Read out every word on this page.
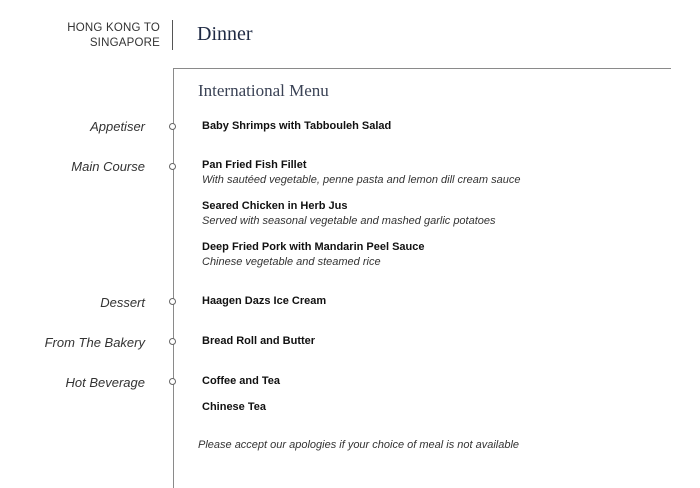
HONG KONG TO
SINGAPORE Dinner
International Menu
Appetiser	Baby Shrimps with Tabbouleh Salad
Main Course	Pan Fried Fish Fillet
With sautéed vegetable, penne pasta and lemon dill cream sauce
Seared Chicken in Herb Jus
Served with seasonal vegetable and mashed garlic potatoes
Deep Fried Pork with Mandarin Peel Sauce
Chinese vegetable and steamed rice
Dessert	Haagen Dazs Ice Cream
From The Bakery	Bread Roll and Butter
Hot Beverage	Coffee and Tea
Chinese Tea
Please accept our apologies if your choice of meal is not available
